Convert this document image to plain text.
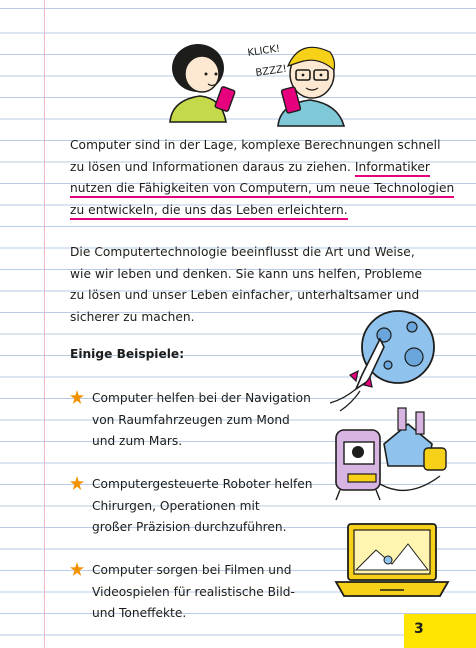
KLICK!
BZZZ!
Computer sind in der Lage, komplexe Berechnungen schnell
zu lösen und Informationen daraus zu ziehen. Informatiker
nutzen die Fähigkeiten von Computern, um neue Technologien
zu entwickeln, die uns das Leben erleichtern.
Die Computertechnologie beeinflusst die Art und Weise,
wie wir leben und denken. Sie kann uns helfen, Probleme
zu lösen und unser Leben einfacher, unterhaltsamer und
sicherer zu machen.
Einige Beispiele:
Computer helfen bei der Navigation
von Raumfahrzeugen zum Mond
und zum Mars.
Computergesteuerte Roboter helfen
Chirurgen, Operationen mit
großer Präzision durchzuführen.
Computer sorgen bei Filmen und
Videospielen für realistische Bild-
und Toneffekte.
3
